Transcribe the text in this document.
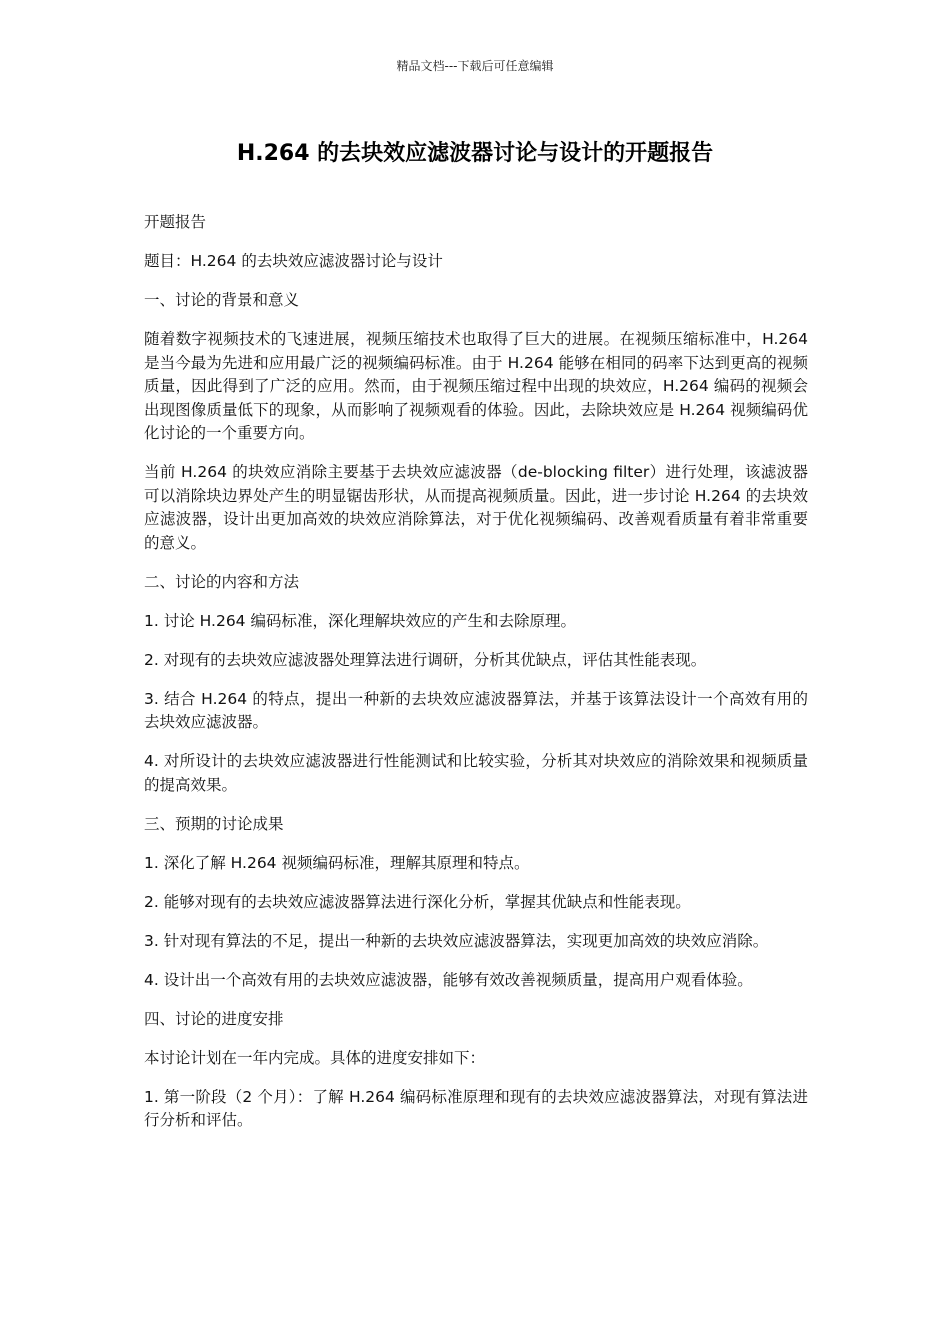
精品文档---下载后可任意编辑
H.264 的去块效应滤波器讨论与设计的开题报告

开题报告

题目：H.264 的去块效应滤波器讨论与设计

一、讨论的背景和意义

随着数字视频技术的飞速进展，视频压缩技术也取得了巨大的进展。在视频压缩标准中，H.264 是当今最为先进和应用最广泛的视频编码标准。由于 H.264 能够在相同的码率下达到更高的视频质量，因此得到了广泛的应用。然而，由于视频压缩过程中出现的块效应，H.264 编码的视频会出现图像质量低下的现象，从而影响了视频观看的体验。因此，去除块效应是 H.264 视频编码优化讨论的一个重要方向。

当前 H.264 的块效应消除主要基于去块效应滤波器（de-blocking filter）进行处理，该滤波器可以消除块边界处产生的明显锯齿形状，从而提高视频质量。因此，进一步讨论 H.264 的去块效应滤波器，设计出更加高效的块效应消除算法，对于优化视频编码、改善观看质量有着非常重要的意义。

二、讨论的内容和方法

1. 讨论 H.264 编码标准，深化理解块效应的产生和去除原理。

2. 对现有的去块效应滤波器处理算法进行调研，分析其优缺点，评估其性能表现。

3. 结合 H.264 的特点，提出一种新的去块效应滤波器算法，并基于该算法设计一个高效有用的去块效应滤波器。

4. 对所设计的去块效应滤波器进行性能测试和比较实验，分析其对块效应的消除效果和视频质量的提高效果。

三、预期的讨论成果

1. 深化了解 H.264 视频编码标准，理解其原理和特点。

2. 能够对现有的去块效应滤波器算法进行深化分析，掌握其优缺点和性能表现。

3. 针对现有算法的不足，提出一种新的去块效应滤波器算法，实现更加高效的块效应消除。

4. 设计出一个高效有用的去块效应滤波器，能够有效改善视频质量，提高用户观看体验。

四、讨论的进度安排

本讨论计划在一年内完成。具体的进度安排如下：

1. 第一阶段（2 个月）：了解 H.264 编码标准原理和现有的去块效应滤波器算法，对现有算法进行分析和评估。
